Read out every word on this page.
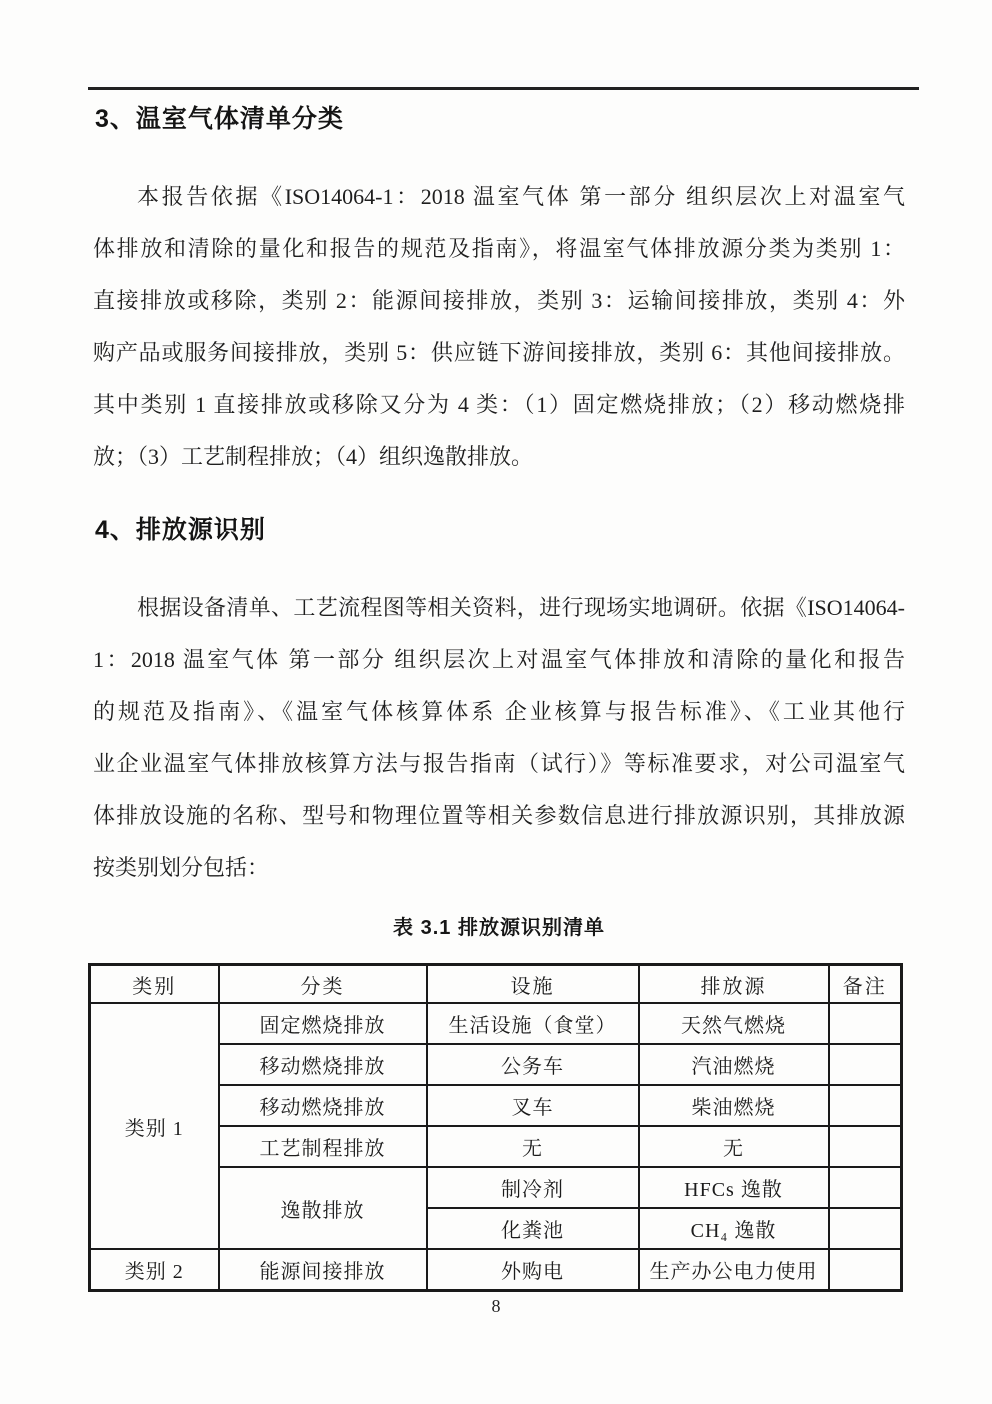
3、温室气体清单分类
本报告依据《ISO14064-1：2018 温室气体 第一部分 组织层次上对温室气
体排放和清除的量化和报告的规范及指南》，将温室气体排放源分类为类别 1：
直接排放或移除，类别 2：能源间接排放，类别 3：运输间接排放，类别 4：外
购产品或服务间接排放，类别 5：供应链下游间接排放，类别 6：其他间接排放。
其中类别 1 直接排放或移除又分为 4 类：（1）固定燃烧排放；（2）移动燃烧排
放；（3）工艺制程排放；（4）组织逸散排放。
4、排放源识别
根据设备清单、工艺流程图等相关资料，进行现场实地调研。依据《ISO14064-
1：2018 温室气体 第一部分 组织层次上对温室气体排放和清除的量化和报告
的规范及指南》、《温室气体核算体系 企业核算与报告标准》、《工业其他行
业企业温室气体排放核算方法与报告指南（试行）》等标准要求，对公司温室气
体排放设施的名称、型号和物理位置等相关参数信息进行排放源识别，其排放源
按类别划分包括：
表 3.1 排放源识别清单
类别	分类	设施	排放源	备注
类别 1	固定燃烧排放	生活设施（食堂）	天然气燃烧	
	移动燃烧排放	公务车	汽油燃烧	
	移动燃烧排放	叉车	柴油燃烧	
	工艺制程排放	无	无	
	逸散排放	制冷剂	HFCs 逸散	
		化粪池	CH₄ 逸散	
类别 2	能源间接排放	外购电	生产办公电力使用	
8
